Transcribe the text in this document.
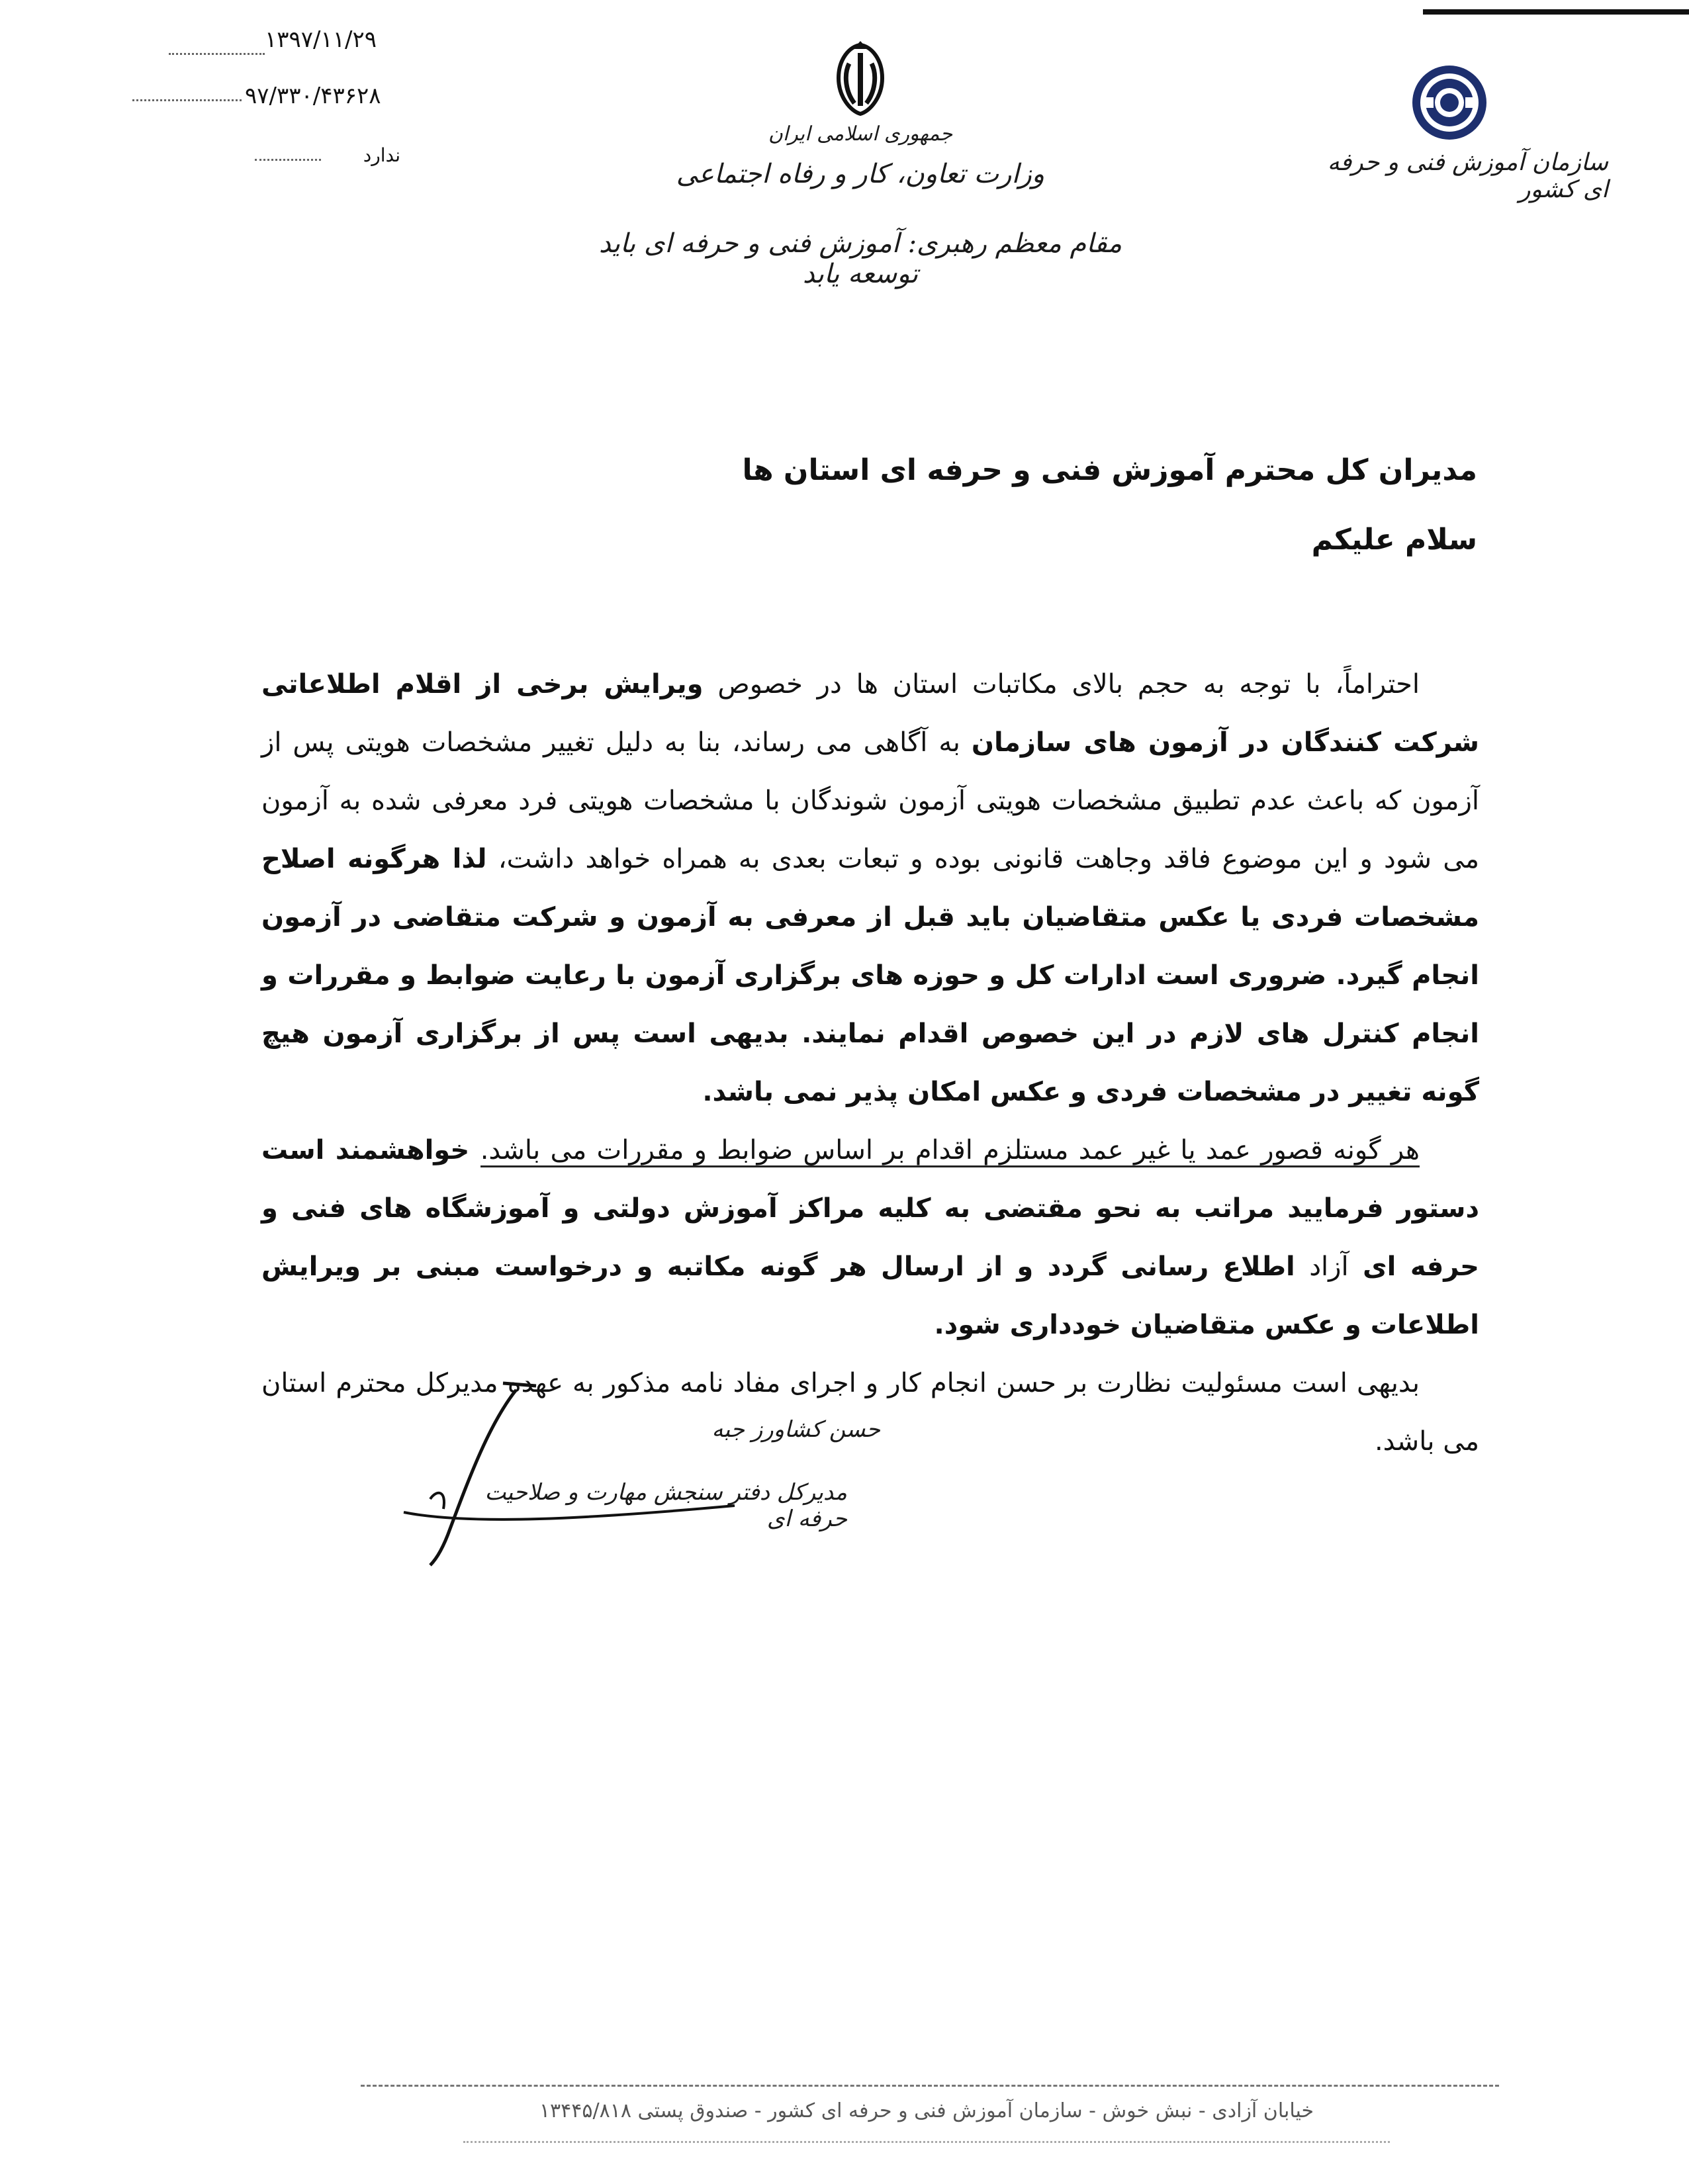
۱۳۹۷/۱۱/۲۹
۹۷/۳۳۰/۴۳۶۲۸
ندارد
جمهوری اسلامی ایران
وزارت تعاون، کار و رفاه اجتماعی
مقام معظم رهبری: آموزش فنی و حرفه ای باید توسعه یابد
سازمان آموزش فنی و حرفه ای کشور
مدیران کل محترم آموزش فنی و حرفه ای استان ها
سلام علیکم

احتراماً، با توجه به حجم بالای مکاتبات استان ها در خصوص ویرایش برخی از اقلام اطلاعاتی شرکت کنندگان در آزمون های سازمان به آگاهی می رساند، بنا به دلیل تغییر مشخصات هویتی پس از آزمون که باعث عدم تطبیق مشخصات هویتی آزمون شوندگان با مشخصات هویتی فرد معرفی شده به آزمون می شود و این موضوع فاقد وجاهت قانونی بوده و تبعات بعدی به همراه خواهد داشت، لذا هرگونه اصلاح مشخصات فردی یا عکس متقاضیان باید قبل از معرفی به آزمون و شرکت متقاضی در آزمون انجام گیرد. ضروری است ادارات کل و حوزه های برگزاری آزمون با رعایت ضوابط و مقررات و انجام کنترل های لازم در این خصوص اقدام نمایند. بدیهی است پس از برگزاری آزمون هیچ گونه تغییر در مشخصات فردی و عکس امکان پذیر نمی باشد.

هر گونه قصور عمد یا غیر عمد مستلزم اقدام بر اساس ضوابط و مقررات می باشد. خواهشمند است دستور فرمایید مراتب به نحو مقتضی به کلیه مراکز آموزش دولتی و آموزشگاه های فنی و حرفه ای آزاد اطلاع رسانی گردد و از ارسال هر گونه مکاتبه و درخواست مبنی بر ویرایش اطلاعات و عکس متقاضیان خودداری شود.

بدیهی است مسئولیت نظارت بر حسن انجام کار و اجرای مفاد نامه مذکور به عهده مدیرکل محترم استان می باشد.

حسن کشاورز جبه
مدیرکل دفتر سنجش مهارت و صلاحیت حرفه ای
خیابان آزادی - نبش خوش - سازمان آموزش فنی و حرفه ای کشور - صندوق پستی ۱۳۴۴۵/۸۱۸
